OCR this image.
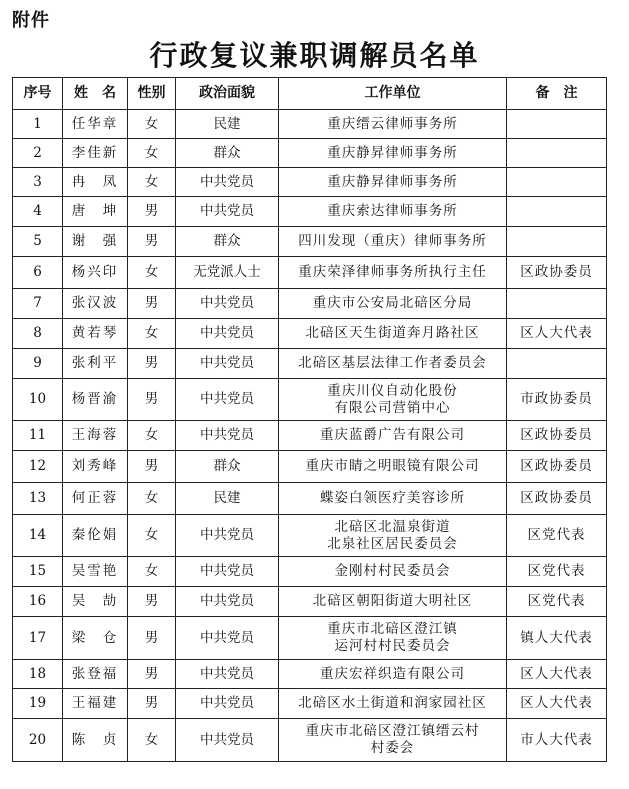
附件
行政复议兼职调解员名单
序号	姓　名	性别	政治面貌	工作单位	备　注
1	任华章	女	民建	重庆缙云律师事务所	

2	李佳新	女	群众	重庆静昇律师事务所	

3	冉　凤	女	中共党员	重庆静昇律师事务所	

4	唐　坤	男	中共党员	重庆索达律师事务所	

5	谢　强	男	群众	四川发现（重庆）律师事务所	

6	杨兴印	女	无党派人士	重庆荣泽律师事务所执行主任	区政协委员
7	张汉波	男	中共党员	重庆市公安局北碚区分局	

8	黄若琴	女	中共党员	北碚区天生街道奔月路社区	区人大代表
9	张利平	男	中共党员	北碚区基层法律工作者委员会	

10	杨晋渝	男	中共党员	重庆川仪自动化股份
有限公司营销中心	市政协委员
11	王海蓉	女	中共党员	重庆蓝爵广告有限公司	区政协委员
12	刘秀峰	男	群众	重庆市睛之明眼镜有限公司	区政协委员
13	何正蓉	女	民建	蝶姿白领医疗美容诊所	区政协委员
14	秦伦娟	女	中共党员	北碚区北温泉街道
北泉社区居民委员会	区党代表
15	吴雪艳	女	中共党员	金刚村村民委员会	区党代表
16	吴　劼	男	中共党员	北碚区朝阳街道大明社区	区党代表
17	梁　仓	男	中共党员	重庆市北碚区澄江镇
运河村村民委员会	镇人大代表
18	张登福	男	中共党员	重庆宏祥织造有限公司	区人大代表
19	王福建	男	中共党员	北碚区水土街道和润家园社区	区人大代表
20	陈　贞	女	中共党员	重庆市北碚区澄江镇缙云村
村委会	市人大代表
